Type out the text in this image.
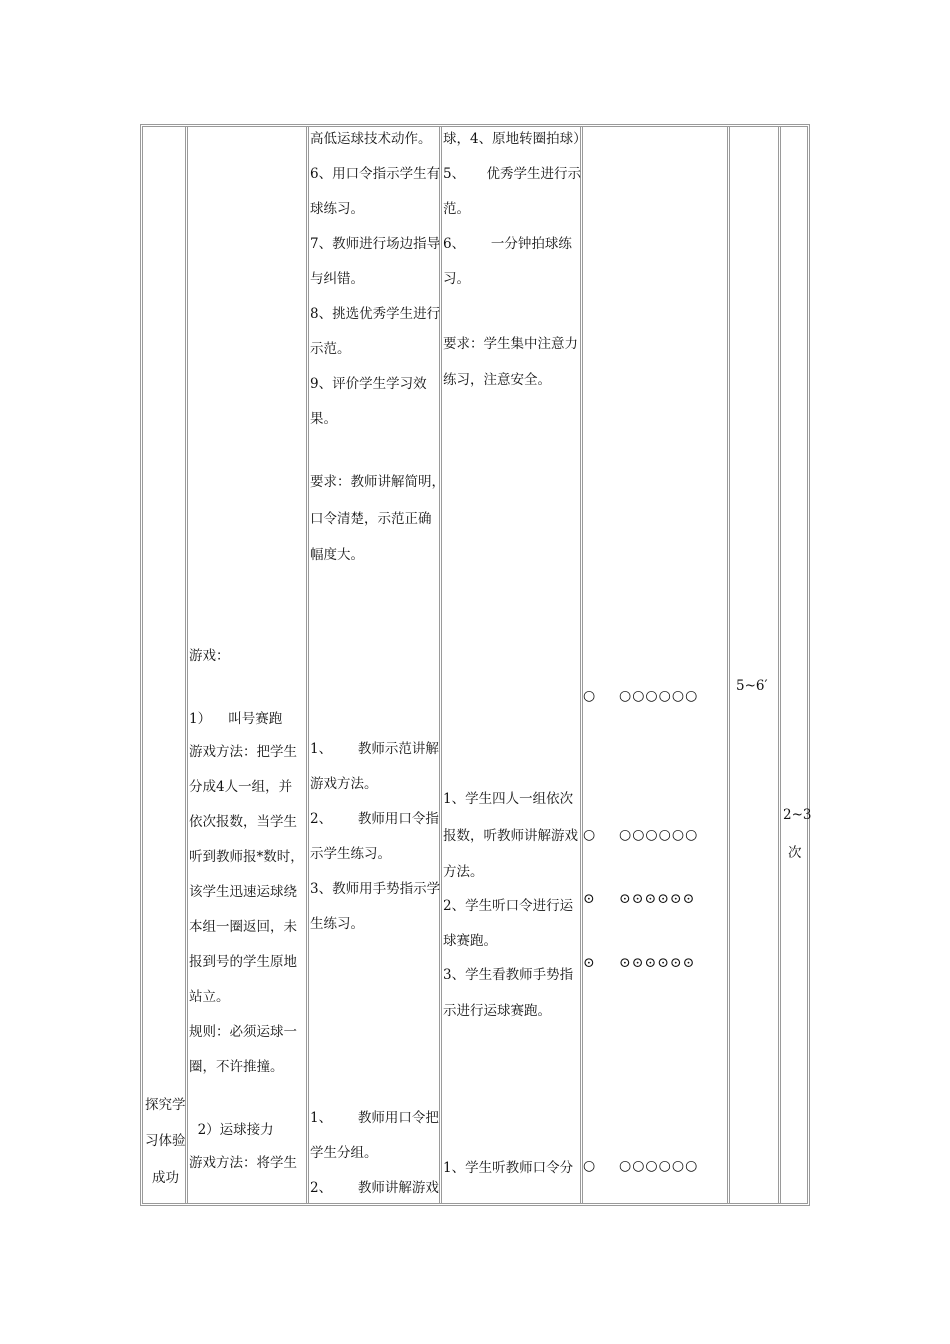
探究学
习体验
成功
游戏：
1）    叫号赛跑
游戏方法：把学生
分成4人一组，并
依次报数，当学生
听到教师报*数时，
该学生迅速运球绕
本组一圈返回，未
报到号的学生原地
站立。
规则：必须运球一
圈，不许推撞。
2）运球接力
游戏方法：将学生
高低运球技术动作。
6、用口令指示学生有
球练习。
7、教师进行场边指导
与纠错。
8、挑选优秀学生进行
示范。
9、评价学生学习效
果。
要求：教师讲解简明，
口令清楚，示范正确
幅度大。
1、      教师示范讲解
游戏方法。
2、      教师用口令指
示学生练习。
3、教师用手势指示学
生练习。
1、      教师用口令把
学生分组。
2、      教师讲解游戏
球，4、原地转圈拍球）
5、     优秀学生进行示
范。
6、      一分钟拍球练
习。
要求：学生集中注意力
练习，注意安全。
1、学生四人一组依次
报数，听教师讲解游戏
方法。
2、学生听口令进行运
球赛跑。
3、学生看教师手势指
示进行运球赛跑。
1、学生听教师口令分
○ ○○○○○○
○ ○○○○○○
⊙ ⊙⊙⊙⊙⊙⊙
⊙ ⊙⊙⊙⊙⊙⊙
○ ○○○○○○
5~6′
2~3
次
